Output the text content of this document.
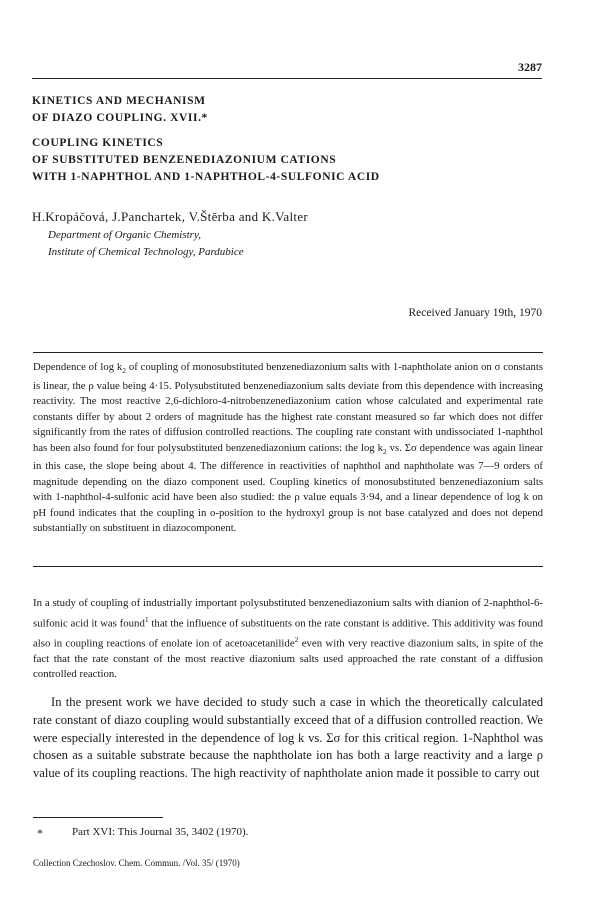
3287
KINETICS AND MECHANISM
OF DIAZO COUPLING. XVII.*
COUPLING KINETICS
OF SUBSTITUTED BENZENEDIAZONIUM CATIONS
WITH 1-NAPHTHOL AND 1-NAPHTHOL-4-SULFONIC ACID
H.Kropáčová, J.Panchartek, V.Štěrba and K.Valter
Department of Organic Chemistry,
Institute of Chemical Technology, Pardubice
Received January 19th, 1970

Dependence of $\log k_2$ of coupling of monosubstituted benzenediazonium salts with 1-naphtholate anion on σ constants is linear, the ρ value being 4·15. Polysubstituted benzenediazonium salts deviate from this dependence with increasing reactivity. The most reactive 2,6-dichloro-4-nitrobenzenediazonium cation whose calculated and experimental rate constants differ by about 2 orders of magnitude has the highest rate constant measured so far which does not differ significantly from the rates of diffusion controlled reactions. The coupling rate constant with undissociated 1-naphthol has been also found for four polysubstituted benzenediazonium cations: the $\log k_2$ vs. Σσ dependence was again linear in this case, the slope being about 4. The difference in reactivities of naphthol and naphtholate was 7—9 orders of magnitude depending on the diazo component used. Coupling kinetics of monosubstituted benzenediazonium salts with 1-naphthol-4-sulfonic acid have been also studied: the ρ value equals 3·94, and a linear dependence of log k on pH found indicates that the coupling in o-position to the hydroxyl group is not base catalyzed and does not depend substantially on substituent in diazocomponent.

In a study of coupling of industrially important polysubstituted benzenediazonium salts with dianion of 2-naphthol-6-sulfonic acid it was found$^1$ that the influence of substituents on the rate constant is additive. This additivity was found also in coupling reactions of enolate ion of acetoacetanilide$^2$ even with very reactive diazonium salts, in spite of the fact that the rate constant of the most reactive diazonium salts used approached the rate constant of a diffusion controlled reaction.

In the present work we have decided to study such a case in which the theoretically calculated rate constant of diazo coupling would substantially exceed that of a diffusion controlled reaction. We were especially interested in the dependence of log k vs. Σσ for this critical region. 1-Naphthol was chosen as a suitable substrate because the naphtholate ion has both a large reactivity and a large ρ value of its coupling reactions. The high reactivity of naphtholate anion made it possible to carry out

*	Part XVI: This Journal 35, 3402 (1970).
Collection Czechoslov. Chem. Commun. /Vol. 35/ (1970)
